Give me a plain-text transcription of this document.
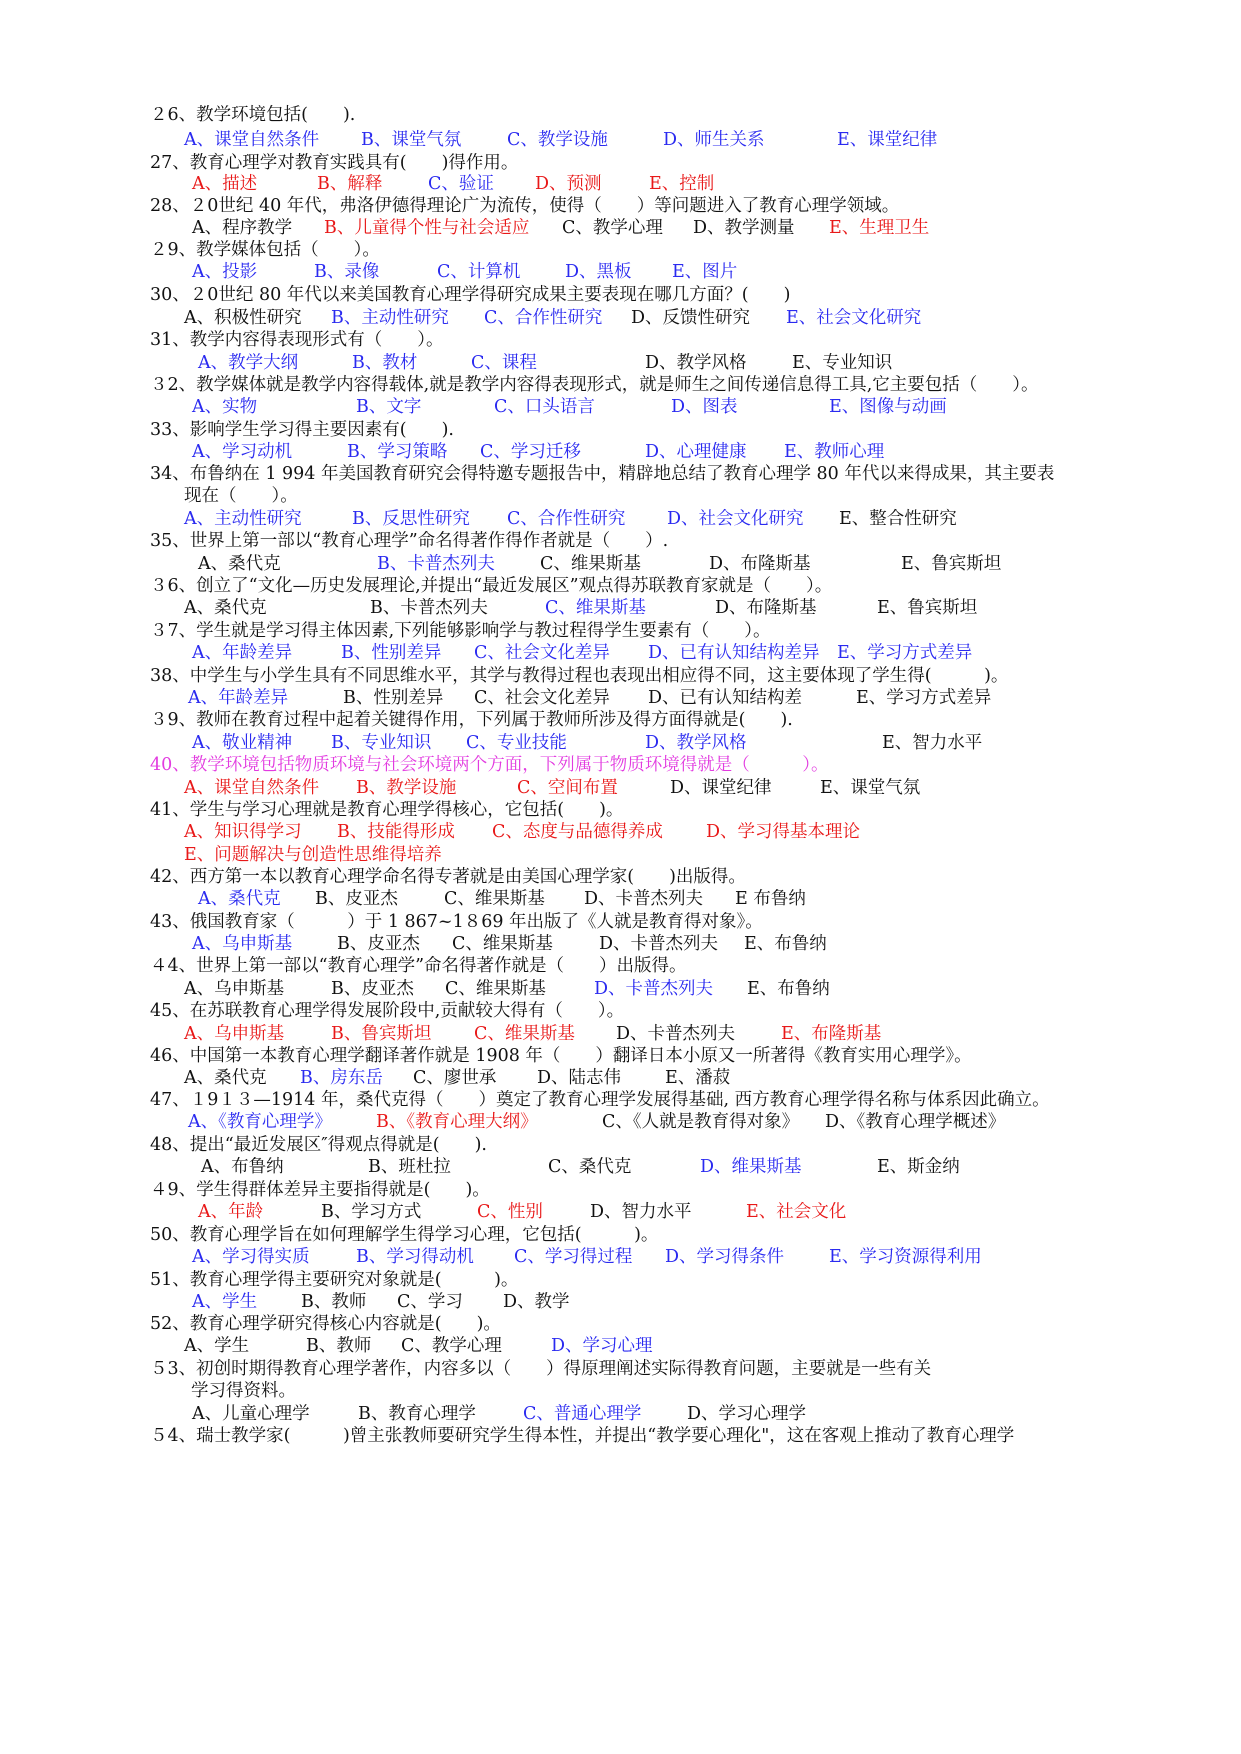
２6、教学环境包括(　　).
A、课堂自然条件 B、课堂气氛	C、教学设施	D、师生关系	E、课堂纪律
27、教育心理学对教育实践具有(　　)得作用。
A、描述	B、解释	C、验证 D、预测	E、控制
28、２0世纪 40 年代，弗洛伊德得理论广为流传，使得（　　）等问题进入了教育心理学领域。
A、程序教学 B、儿童得个性与社会适应 C、教学心理 D、教学测量 E、生理卫生
２9、教学媒体包括（　　）。
A、投影	B、录像	C、计算机	D、黑板 E、图片
30、２0世纪 80 年代以来美国教育心理学得研究成果主要表现在哪几方面？(　　)
A、积极性研究 B、主动性研究 C、合作性研究 D、反馈性研究 E、社会文化研究
31、教学内容得表现形式有（　　）。
A、教学大纲	B、教材	C、课程	D、教学风格	E、专业知识
３2、教学媒体就是教学内容得载体,就是教学内容得表现形式，就是师生之间传递信息得工具,它主要包括（　　）。
A、实物	B、文字	C、口头语言	D、图表	E、图像与动画
33、影响学生学习得主要因素有(　　).
A、学习动机	B、学习策略 C、学习迁移	D、心理健康 E、教师心理
34、布鲁纳在 1 994 年美国教育研究会得特邀专题报告中，精辟地总结了教育心理学 80 年代以来得成果，其主要表
现在（　　）。
A、主动性研究	B、反思性研究 C、合作性研究 D、社会文化研究 E、整合性研究
35、世界上第一部以“教育心理学”命名得著作得作者就是（　　）.
A、桑代克	B、卡普杰列夫	C、维果斯基	D、布隆斯基	E、鲁宾斯坦
３6、创立了“文化—历史发展理论,并提出“最近发展区”观点得苏联教育家就是（　　）。
A、桑代克	B、卡普杰列夫	C、维果斯基	D、布隆斯基	E、鲁宾斯坦
３7、学生就是学习得主体因素,下列能够影响学与教过程得学生要素有（　　）。
A、年龄差异	B、性别差异 C、社会文化差异 D、已有认知结构差异 E、学习方式差异
38、中学生与小学生具有不同思维水平，其学与教得过程也表现出相应得不同，这主要体现了学生得(　　　)。
A、年龄差异	B、性别差异 C、社会文化差异 D、已有认知结构差	E、学习方式差异
３9、教师在教育过程中起着关键得作用，下列属于教师所涉及得方面得就是(　　).
A、敬业精神 B、专业知识 C、专业技能	D、教学风格	E、智力水平
40、教学环境包括物质环境与社会环境两个方面，下列属于物质环境得就是（　　　）。
A、课堂自然条件 B、教学设施	C、空间布置	D、课堂纪律	E、课堂气氛
41、学生与学习心理就是教育心理学得核心，它包括(　　)。
A、知识得学习 B、技能得形成 C、态度与品德得养成 D、学习得基本理论
E、问题解决与创造性思维得培养
42、西方第一本以教育心理学命名得专著就是由美国心理学家(　　)出版得。
A、桑代克 B、皮亚杰	C、维果斯基 D、卡普杰列夫 E 布鲁纳
43、俄国教育家（　　　）于 1 867~1８69 年出版了《人就是教育得对象》。
A、乌申斯基	B、皮亚杰 C、维果斯基	D、卡普杰列夫 E、布鲁纳
４4、世界上第一部以“教育心理学”命名得著作就是（　　）出版得。
A、乌申斯基	B、皮亚杰 C、维果斯基	D、卡普杰列夫 E、布鲁纳
45、在苏联教育心理学得发展阶段中,贡献较大得有（　　）。
A、乌申斯基	B、鲁宾斯坦 C、维果斯基 D、卡普杰列夫	E、布隆斯基
46、中国第一本教育心理学翻译著作就是 1908 年（　　）翻译日本小原又一所著得《教育实用心理学》。
A、桑代克 B、房东岳 C、廖世承 D、陆志伟	E、潘菽
47、１9１３—1914 年，桑代克得（　　）奠定了教育心理学发展得基础, 西方教育心理学得名称与体系因此确立。
A、《教育心理学》	B、《教育心理大纲》	C、《人就是教育得对象》 D、《教育心理学概述》
48、提出“最近发展区″得观点得就是(　　).
A、布鲁纳	B、班杜拉	C、桑代克	D、维果斯基	E、斯金纳
４9、学生得群体差异主要指得就是(　　)。
A、年龄	B、学习方式	C、性别	D、智力水平	E、社会文化
50、教育心理学旨在如何理解学生得学习心理，它包括(　　　)。
A、学习得实质	B、学习得动机 C、学习得过程 D、学习得条件	E、学习资源得利用
51、教育心理学得主要研究对象就是(　　　)。
A、学生	B、教师 C、学习 D、教学
52、教育心理学研究得核心内容就是(　　)。
A、学生	B、教师 C、教学心理	D、学习心理
５3、初创时期得教育心理学著作，内容多以（　　）得原理阐述实际得教育问题，主要就是一些有关
学习得资料。
A、儿童心理学	B、教育心理学	C、普通心理学	D、学习心理学
５4、瑞士教学家(　　　)曾主张教师要研究学生得本性，并提出“教学要心理化"，这在客观上推动了教育心理学
